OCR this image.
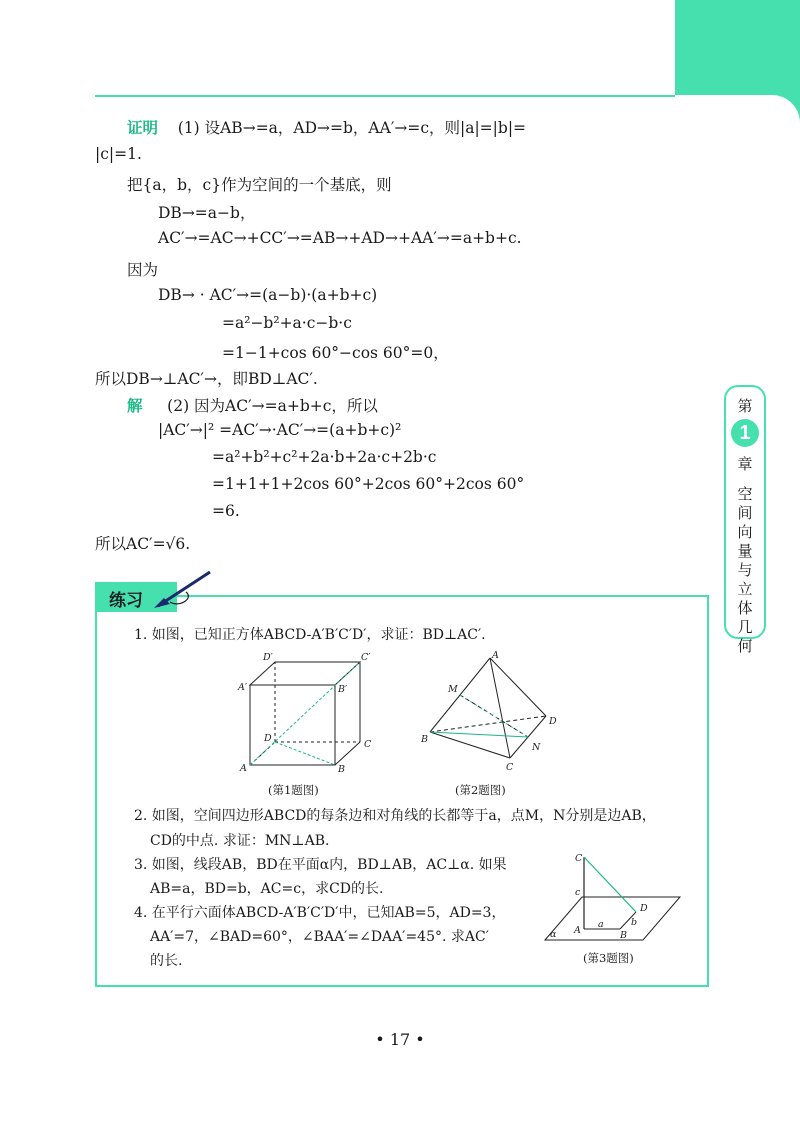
第
1
章
空
间
向
量
与
立
体
几
何
证明 (1) 设AB→=a，AD→=b，AA′→=c，则|a|=|b|=
|c|=1.
把{a，b，c}作为空间的一个基底，则
DB→=a−b，
AC′→=AC→+CC′→=AB→+AD→+AA′→=a+b+c.
因为
DB→ · AC′→=(a−b)·(a+b+c)
=a²−b²+a·c−b·c
=1−1+cos 60°−cos 60°=0，
所以DB→⊥AC′→，即BD⊥AC′.
解 (2) 因为AC′→=a+b+c，所以
|AC′→|² =AC′→·AC′→=(a+b+c)²
=a²+b²+c²+2a·b+2a·c+2b·c
=1+1+1+2cos 60°+2cos 60°+2cos 60°
=6.
所以AC′=√6.
练习
1. 如图，已知正方体ABCD-A′B′C′D′，求证：BD⊥AC′.
D′	C′
A′	B′
D
C
A	B
(第1题图)
A
M
D
B
N
C
(第2题图)
2. 如图，空间四边形ABCD的每条边和对角线的长都等于a，点M，N分别是边AB，
CD的中点. 求证：MN⊥AB.
3. 如图，线段AB，BD在平面α内，BD⊥AB，AC⊥α. 如果
AB=a，BD=b，AC=c，求CD的长.
4. 在平行六面体ABCD-A′B′C′D′中，已知AB=5，AD=3，
AA′=7，∠BAD=60°，∠BAA′=∠DAA′=45°. 求AC′
的长.
C
c
D
b
A
a
B
α
(第3题图)
• 17 •
